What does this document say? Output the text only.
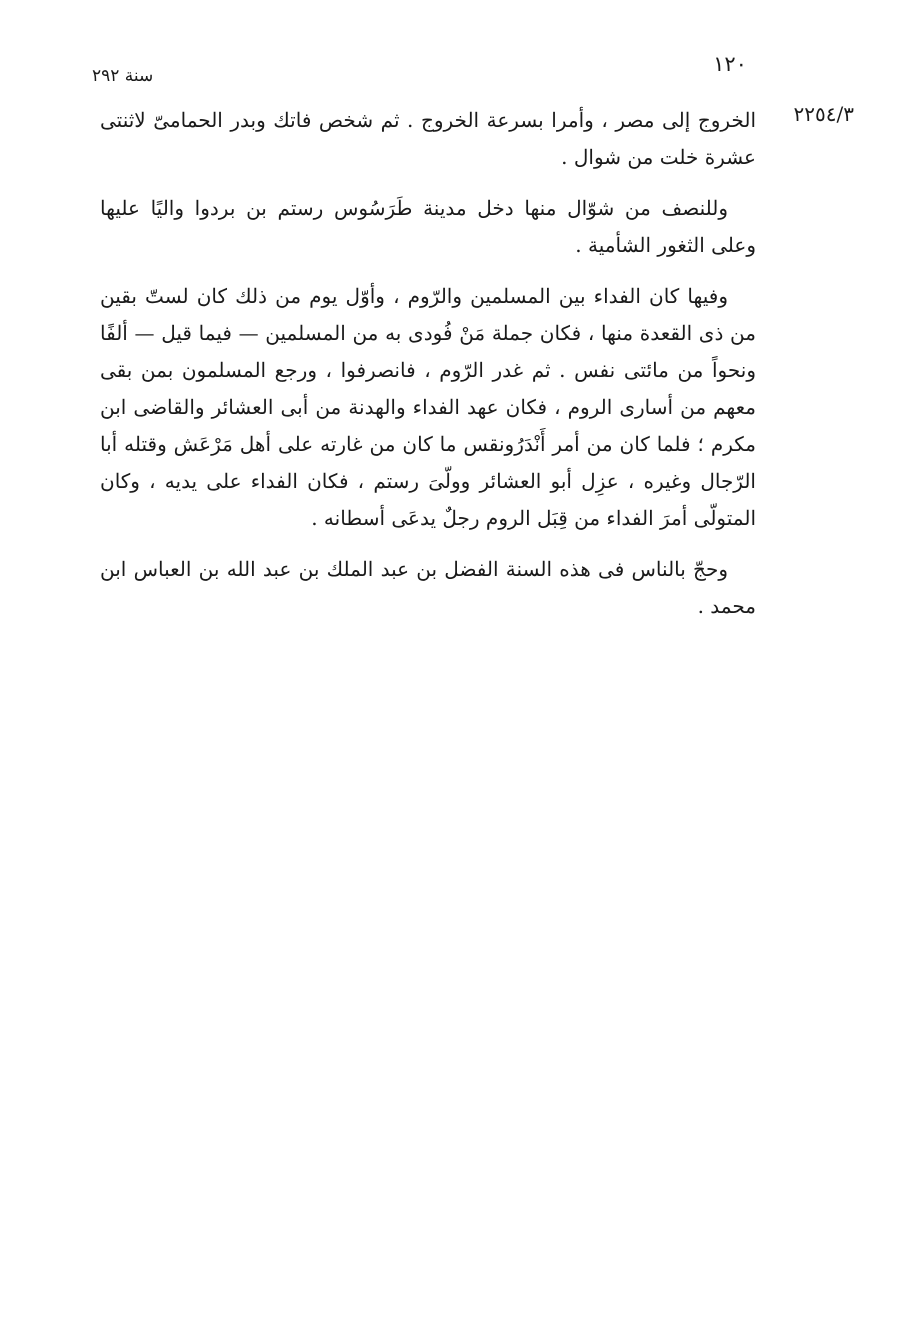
١٢٠
سنة ٢٩٢
٢٢٥٤/٣

الخروج إلى مصر ، وأمرا بسرعة الخروج . ثم شخص فاتك وبدر الحمامىّ لاثنتى عشرة خلت من شوال .

وللنصف من شوّال منها دخل مدينة طَرَسُوس رستم بن بردوا واليًا عليها وعلى الثغور الشأمية .

وفيها كان الفداء بين المسلمين والرّوم ، وأوّل يوم من ذلك كان لستّ بقين من ذى القعدة منها ، فكان جملة مَنْ فُودى به من المسلمين — فيما قيل — ألفًا ونحواً من مائتى نفس . ثم غدر الرّوم ، فانصرفوا ، ورجع المسلمون بمن بقى معهم من أسارى الروم ، فكان عهد الفداء والهدنة من أبى العشائر والقاضى ابن مكرم ؛ فلما كان من أمر أَنْدَرُونقس ما كان من غارته على أهل مَرْعَش وقتله أبا الرّجال وغيره ، عزِل أبو العشائر وولّىَ رستم ، فكان الفداء على يديه ، وكان المتولّى أمرَ الفداء من قِبَل الروم رجلٌ يدعَى أسطانه .

وحجّ بالناس فى هذه السنة الفضل بن عبد الملك بن عبد الله بن العباس ابن محمد .
